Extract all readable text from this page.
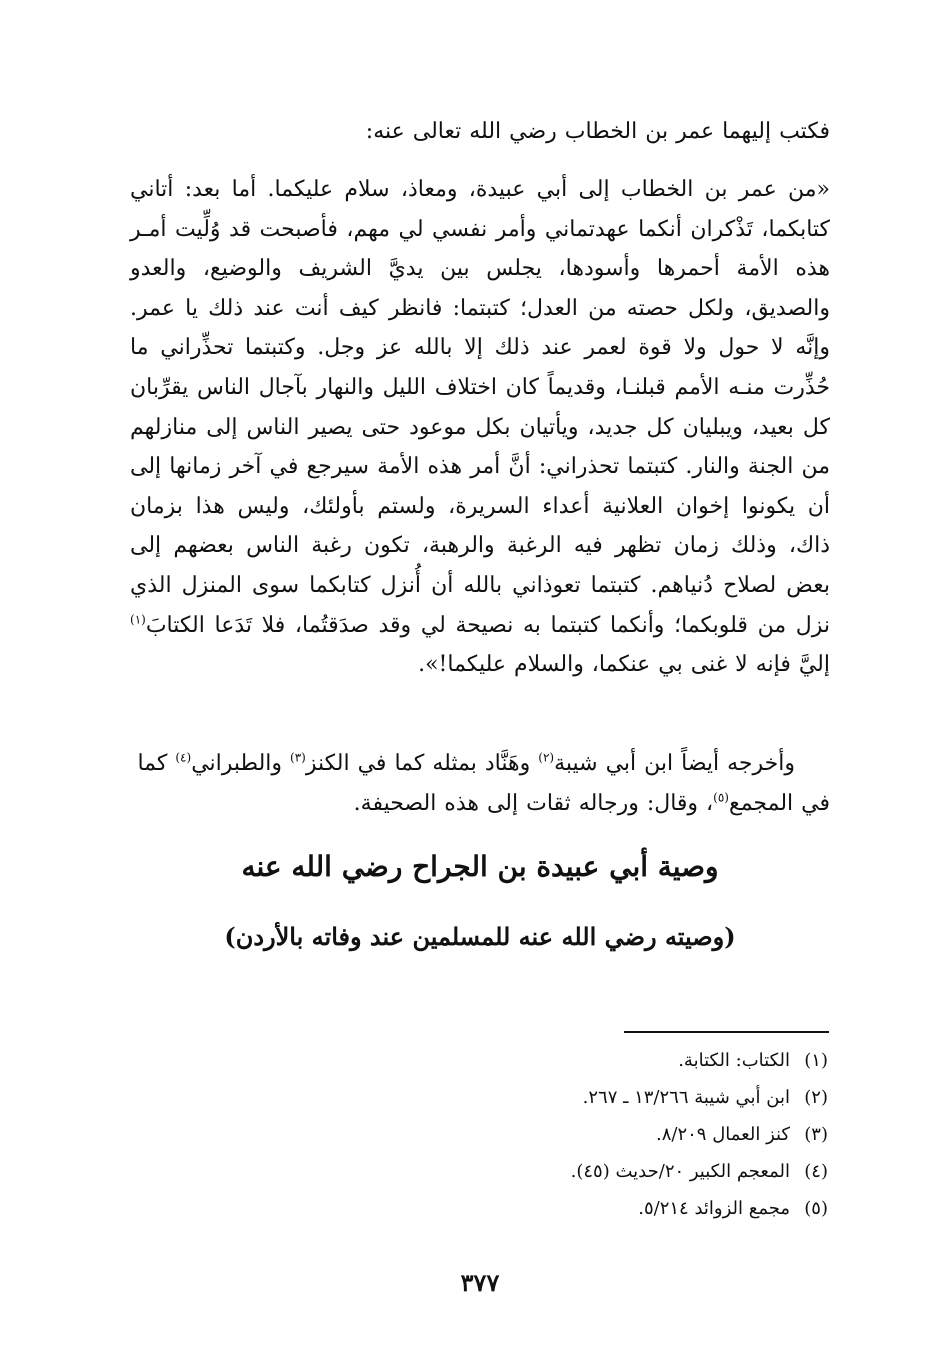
فكتب إليهما عمر بن الخطاب رضي الله تعالى عنه:
«من عمر بن الخطاب إلى أبي عبيدة، ومعاذ، سلام عليكما. أما بعد: أتاني كتابكما، تَذْكران أنكما عهدتماني وأمر نفسي لي مهم، فأصبحت قد وُلِّيت أمـر هذه الأمة أحمرها وأسودها، يجلس بين يديَّ الشريف والوضيع، والعدو والصديق، ولكل حصته من العدل؛ كتبتما: فانظر كيف أنت عند ذلك يا عمر. وإنَّه لا حول ولا قوة لعمر عند ذلك إلا بالله عز وجل. وكتبتما تحذِّراني ما حُذِّرت منـه الأمم قبلنـا، وقديماً كان اختلاف الليل والنهار بآجال الناس يقرِّبان كل بعيد، ويبليان كل جديد، ويأتيان بكل موعود حتى يصير الناس إلى منازلهم من الجنة والنار. كتبتما تحذراني: أنَّ أمر هذه الأمة سيرجع في آخر زمانها إلى أن يكونوا إخوان العلانية أعداء السريرة، ولستم بأولئك، وليس هذا بزمان ذاك، وذلك زمان تظهر فيه الرغبة والرهبة، تكون رغبة الناس بعضهم إلى بعض لصلاح دُنياهم. كتبتما تعوذاني بالله أن أُنزل كتابكما سوى المنزل الذي نزل من قلوبكما؛ وأنكما كتبتما به نصيحة لي وقد صدَقتُما، فلا تَدَعا الكتابَ$^{(١)}$ إليَّ فإنه لا غنى بي عنكما، والسلام عليكما!».
وأخرجه أيضاً ابن أبي شيبة$^{(٢)}$ وهَنَّاد بمثله كما في الكنز$^{(٣)}$ والطبراني$^{(٤)}$ كما
في المجمع$^{(٥)}$، وقال: ورجاله ثقات إلى هذه الصحيفة.
وصية أبي عبيدة بن الجراح رضي الله عنه
(وصيته رضي الله عنه للمسلمين عند وفاته بالأردن)
(١)
الكتاب: الكتابة.
(٢)
ابن أبي شيبة ١٣/٢٦٦ ـ ٢٦٧.
(٣)
كنز العمال ٨/٢٠٩.
(٤)
المعجم الكبير ٢٠/حديث (٤٥).
(٥)
مجمع الزوائد ٥/٢١٤.
٣٧٧
